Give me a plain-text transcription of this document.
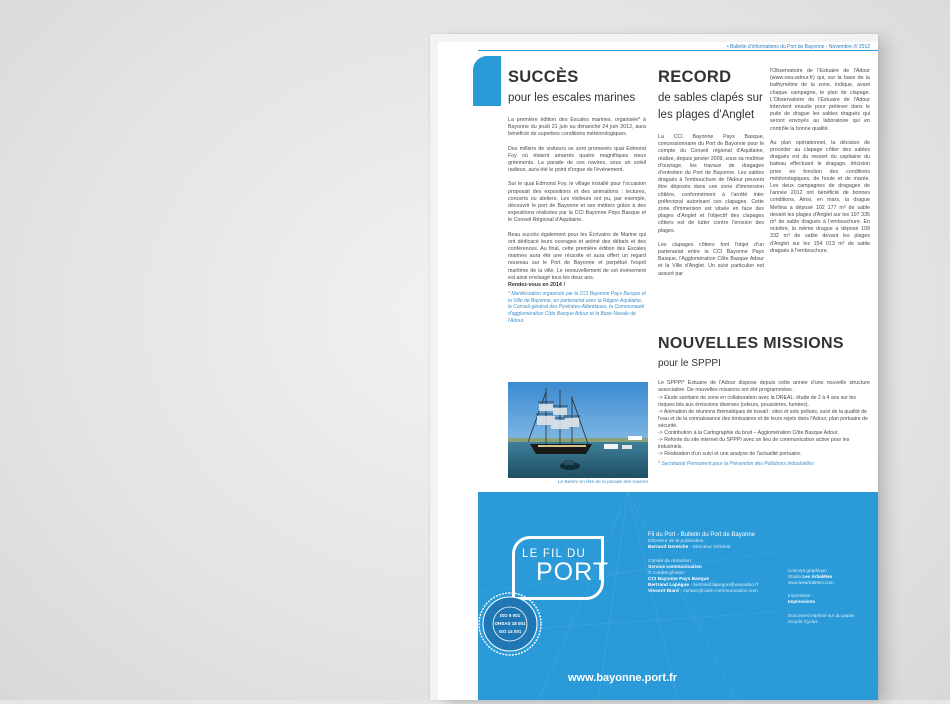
• Bulletin d'informations du Port de Bayonne - Novembre /// 2012
SUCCÈS
pour les escales marines

La première édition des Escales marines, organisée* à Bayonne du jeudi 21 juin au dimanche 24 juin 2012, aura bénéficié de superbes conditions météorologiques.

Des milliers de visiteurs se sont promenés quai Edmond Foy où étaient amarrés quatre magnifiques vieux gréements. La parade de ces navires, sous un soleil radieux, aura été le point d'orgue de l'évènement.

Sur le quai Edmond Foy, le village installé pour l'occasion proposait des expositions et des animations : lectures, concerts ou ateliers. Les visiteurs ont pu, par exemple, découvrir le port de Bayonne et ses métiers grâce à des expositions réalisées par la CCI Bayonne Pays Basque et le Conseil Régional d'Aquitaine.

Beau succès également pour les Écrivains de Marine qui ont dédicacé leurs ouvrages et animé des débats et des conférences. Au final, cette première édition des Escales marines aura été une réussite et aura offert un regard nouveau sur le Port de Bayonne et perpétué l'esprit maritime de la ville. Le renouvellement de cet événement est ainsi envisagé tous les deux ans.

Rendez-vous en 2014 !

* Manifestation organisée par la CCI Bayonne Pays Basque et la Ville de Bayonne, en partenariat avec la Région Aquitaine, le Conseil général des Pyrénées-Atlantiques, la Communauté d'agglomération Côte Basque Adour et la Base Navale de l'Adour.

Le Belem en tête de la parade des navires
RECORD
de sables clapés sur les plages d'Anglet

La CCI Bayonne Pays Basque, concessionnaire du Port de Bayonne pour le compte du Conseil régional d'Aquitaine, réalise, depuis janvier 2009, sous sa maîtrise d'ouvrage, les travaux de dragages d'entretien du Port de Bayonne. Les sables dragués à l'embouchure de l'Adour peuvent être déposés dans une zone d'immersion côtière, conformément à l'arrêté inter préfectoral autorisant ces clapages. Cette zone d'immersion est située en face des plages d'Anglet et l'objectif des clapages côtiers est de lutter contre l'érosion des plages.

Les clapages côtiers font l'objet d'un partenariat entre la CCI Bayonne Pays Basque, l'Agglomération Côte Basque Adour et la Ville d'Anglet. Un suivi particulier est assuré par

l'Observatoire de l'Estuaire de l'Adour (www.oea-adour.fr) qui, sur la base de la bathymétrie de la zone, indique, avant chaque campagne, le plan de clapage. L'Observatoire de l'Estuaire de l'Adour intervient ensuite pour prélever dans le puits de drague les sables dragués qui seront envoyés au laboratoire qui en contrôle la bonne qualité.

Au plan opérationnel, la décision de procéder au clapage côtier des sables dragués est du ressort du capitaine du bateau effectuant le dragage, décision prise en fonction des conditions météorologiques, de houle et de marée. Les deux campagnes de dragages de l'année 2012 ont bénéficié de bonnes conditions. Ainsi, en mars, la drague Mellina a déposé 102 177 m³ de sable devant les plages d'Anglet sur les 197 335 m³ de sable dragués à l'embouchure. En octobre, la même drague a déposé 109 332 m³ de sable devant les plages d'Anglet sur les 154 013 m³ de sable dragués à l'embouchure.

NOUVELLES MISSIONS
pour le SPPPI

Le SPPPI* Estuaire de l'Adour dispose depuis cette année d'une nouvelle structure associative. De nouvelles missions ont été programmées :

-> Étude sanitaire de zone en collaboration avec la DREAL: étude de 2 à 4 ans sur les risques liés aux émissions diverses (odeurs, poussières, fumées).
-> Animation de réunions thématiques de travail : sites et sols pollués, suivi de la qualité de l'eau et de la connaissance des émissaires et de leurs rejets dans l'Adour, plan portuaire de sécurité.
-> Contribution à la Cartographie du bruit – Agglomération Côte Basque Adour.
-> Refonte du site internet du SPPPI avec un lieu de communication active pour les industriels.
-> Réalisation d'un suivi et une analyse de l'actualité portuaire.
* Secrétariat Permanent pour la Prévention des Pollutions Industrielles
LE FIL DU
PORT
ISO 9 001
OHSAS 18 001
ISO 14 001
www.bayonne.port.fr

Fil du Port - Bulletin du Port de Bayonne

Directeur de la publication :

Bernard Deretche - Directeur Général

Comité de rédaction :

Service communication

© Crédits photos :

CCI Bayonne Pays Basque

Bertrand Lapègue - bertrand.lapegue@wanadoo.fr

Vincent Biard - contact@caim-communication.com

Concept graphique :

Studio Les Arbalètes

www.lesarbaletes.com

Impression :

Impressions

Document imprimé sur du papier recyclé Cyclus
